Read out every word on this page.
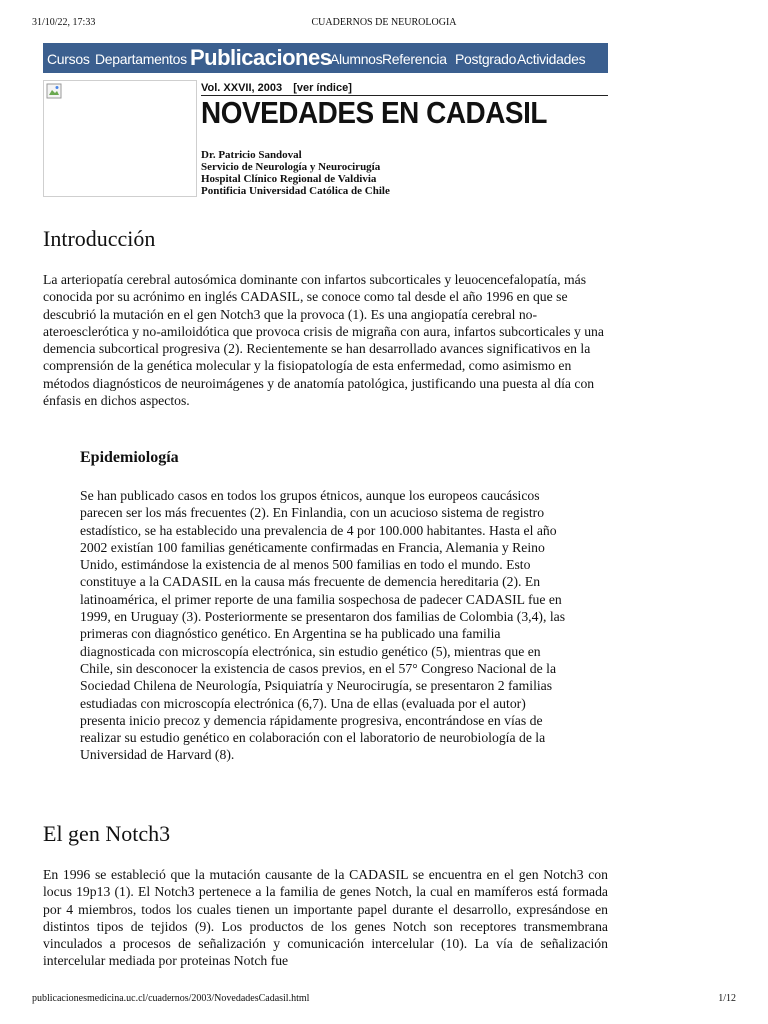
31/10/22, 17:33	CUADERNOS DE NEUROLOGIA
Cursos Departamentos Publicaciones
Alumnos Referencia Postgrado Actividades
Vol. XXVII, 2003 [ver índice]
NOVEDADES EN CADASIL
Dr. Patricio Sandoval
Servicio de Neurología y Neurocirugía
Hospital Clínico Regional de Valdivia
Pontificia Universidad Católica de Chile
Introducción

La arteriopatía cerebral autosómica dominante con infartos subcorticales y leuocencefalopatía, más conocida por su acrónimo en inglés CADASIL, se conoce como tal desde el año 1996 en que se descubrió la mutación en el gen Notch3 que la provoca (1). Es una angiopatía cerebral no-ateroesclerótica y no-amiloidótica que provoca crisis de migraña con aura, infartos subcorticales y una demencia subcortical progresiva (2). Recientemente se han desarrollado avances significativos en la comprensión de la genética molecular y la fisiopatología de esta enfermedad, como asimismo en métodos diagnósticos de neuroimágenes y de anatomía patológica, justificando una puesta al día con énfasis en dichos aspectos.

Epidemiología

Se han publicado casos en todos los grupos étnicos, aunque los europeos caucásicos parecen ser los más frecuentes (2). En Finlandia, con un acucioso sistema de registro estadístico, se ha establecido una prevalencia de 4 por 100.000 habitantes. Hasta el año 2002 existían 100 familias genéticamente confirmadas en Francia, Alemania y Reino Unido, estimándose la existencia de al menos 500 familias en todo el mundo. Esto constituye a la CADASIL en la causa más frecuente de demencia hereditaria (2). En latinoamérica, el primer reporte de una familia sospechosa de padecer CADASIL fue en 1999, en Uruguay (3). Posteriormente se presentaron dos familias de Colombia (3,4), las primeras con diagnóstico genético. En Argentina se ha publicado una familia diagnosticada con microscopía electrónica, sin estudio genético (5), mientras que en Chile, sin desconocer la existencia de casos previos, en el 57° Congreso Nacional de la Sociedad Chilena de Neurología, Psiquiatría y Neurocirugía, se presentaron 2 familias estudiadas con microscopía electrónica (6,7). Una de ellas (evaluada por el autor) presenta inicio precoz y demencia rápidamente progresiva, encontrándose en vías de realizar su estudio genético en colaboración con el laboratorio de neurobiología de la Universidad de Harvard (8).

El gen Notch3

En 1996 se estableció que la mutación causante de la CADASIL se encuentra en el gen Notch3 con locus 19p13 (1). El Notch3 pertenece a la familia de genes Notch, la cual en mamíferos está formada por 4 miembros, todos los cuales tienen un importante papel durante el desarrollo, expresándose en distintos tipos de tejidos (9). Los productos de los genes Notch son receptores transmembrana vinculados a procesos de señalización y comunicación intercelular (10). La vía de señalización intercelular mediada por proteinas Notch fue

publicacionesmedicina.uc.cl/cuadernos/2003/NovedadesCadasil.html	1/12
